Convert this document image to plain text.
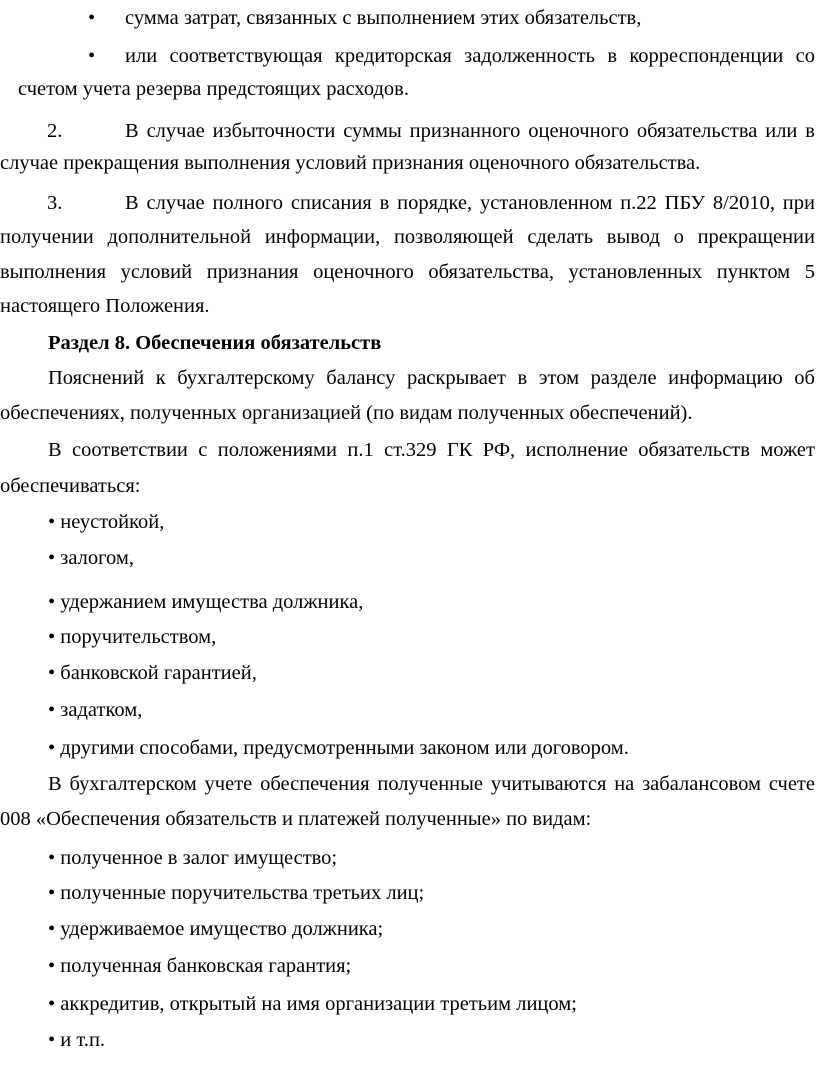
• сумма затрат, связанных с выполнением этих обязательств,
• или соответствующая кредиторская задолженность в корреспонденции со
счетом учета резерва предстоящих расходов.
2.	В случае избыточности суммы признанного оценочного обязательства или в
случае прекращения выполнения условий признания оценочного обязательства.
3.	В случае полного списания в порядке, установленном п.22 ПБУ 8/2010, при
получении дополнительной информации, позволяющей сделать вывод о прекращении
выполнения условий признания оценочного обязательства, установленных пунктом 5
настоящего Положения.
Раздел 8. Обеспечения обязательств
Пояснений к бухгалтерскому балансу раскрывает в этом разделе информацию об
обеспечениях, полученных организацией (по видам полученных обеспечений).
В соответствии с положениями п.1 ст.329 ГК РФ, исполнение обязательств может
обеспечиваться:
• неустойкой,
• залогом,
• удержанием имущества должника,
• поручительством,
• банковской гарантией,
• задатком,
• другими способами, предусмотренными законом или договором.
В бухгалтерском учете обеспечения полученные учитываются на забалансовом счете
008 «Обеспечения обязательств и платежей полученные» по видам:
• полученное в залог имущество;
• полученные поручительства третьих лиц;
• удерживаемое имущество должника;
• полученная банковская гарантия;
• аккредитив, открытый на имя организации третьим лицом;
• и т.п.
